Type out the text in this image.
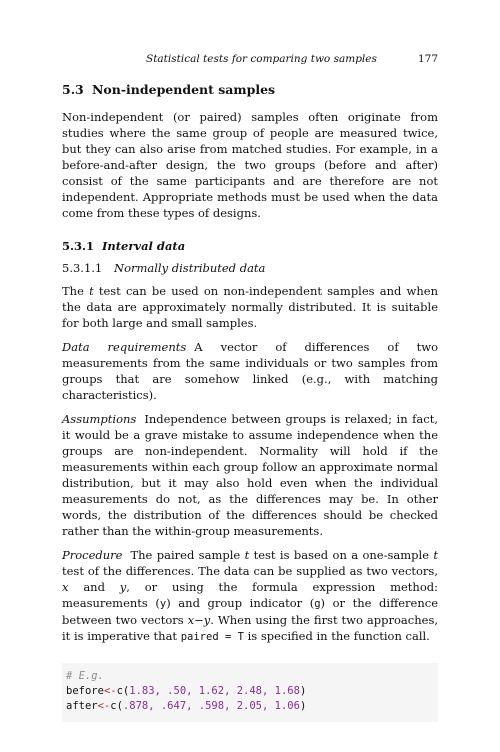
Statistical tests for comparing two samples	177
5.3 Non-independent samples

Non-independent (or paired) samples often originate from studies where the same group of people are measured twice, but they can also arise from matched studies. For example, in a before-and-after design, the two groups (before and after) consist of the same participants and are therefore are not independent. Appropriate methods must be used when the data come from these types of designs.

5.3.1 Interval data
5.3.1.1 Normally distributed data

The t test can be used on non-independent samples and when the data are approximately normally distributed. It is suitable for both large and small samples.

Data requirements A vector of differences of two measurements from the same individuals or two samples from groups that are somehow linked (e.g., with matching characteristics).

Assumptions Independence between groups is relaxed; in fact, it would be a grave mistake to assume independence when the groups are non-independent. Normality will hold if the measurements within each group follow an approximate normal distribution, but it may also hold even when the individual measurements do not, as the differences may be. In other words, the distribution of the differences should be checked rather than the within-group measurements.

Procedure The paired sample t test is based on a one-sample t test of the differences. The data can be supplied as two vectors, x and y, or using the formula expression method: measurements (y) and group indicator (g) or the difference between two vectors x−y. When using the first two approaches, it is imperative that paired = T is specified in the function call.

# E.g.
before<-c(1.83, .50, 1.62, 2.48, 1.68)
after<-c(.878, .647, .598, 2.05, 1.06)
